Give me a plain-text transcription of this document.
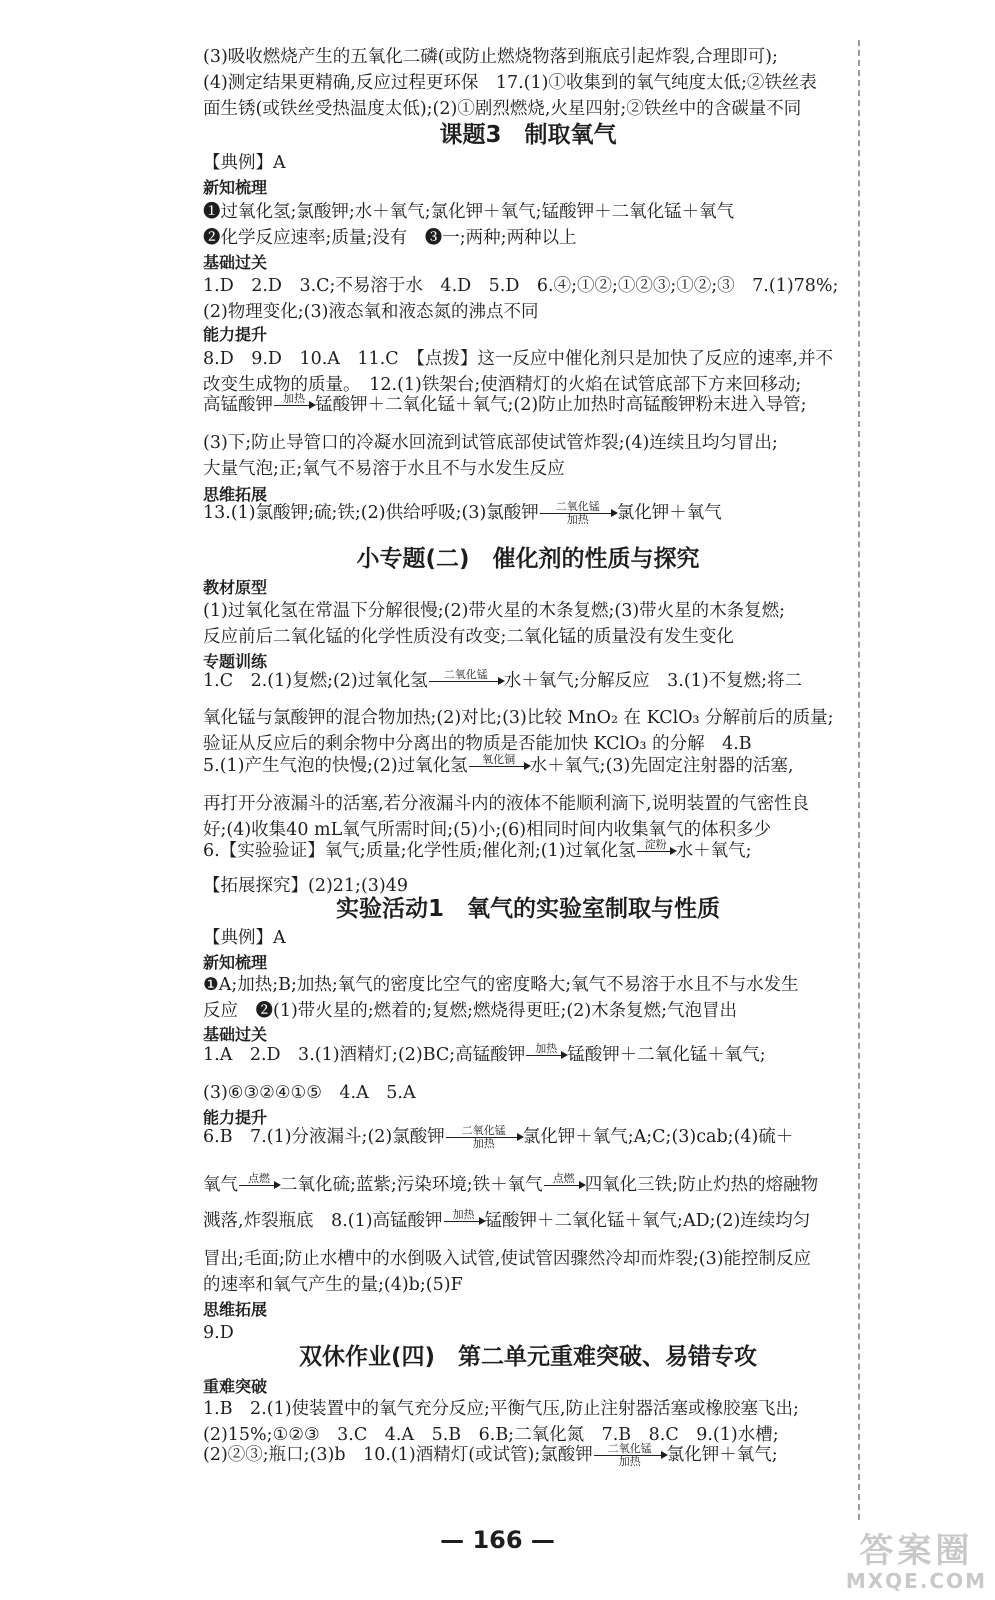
(3)吸收燃烧产生的五氧化二磷(或防止燃烧物落到瓶底引起炸裂,合理即可);
(4)测定结果更精确,反应过程更环保　17.(1)①收集到的氧气纯度太低;②铁丝表
面生锈(或铁丝受热温度太低);(2)①剧烈燃烧,火星四射;②铁丝中的含碳量不同
课题3　制取氧气
【典例】A
新知梳理
❶过氧化氢;氯酸钾;水＋氧气;氯化钾＋氧气;锰酸钾＋二氧化锰＋氧气
❷化学反应速率;质量;没有　❸一;两种;两种以上
基础过关
1.D　2.D　3.C;不易溶于水　4.D　5.D　6.④;①②;①②③;①②;③　7.(1)78%;
(2)物理变化;(3)液态氧和液态氮的沸点不同
能力提升
8.D　9.D　10.A　11.C　【点拨】这一反应中催化剂只是加快了反应的速率,并不
改变生成物的质量。　12.(1)铁架台;使酒精灯的火焰在试管底部下方来回移动;
高锰酸钾 加热 锰酸钾＋二氧化锰＋氧气;(2)防止加热时高锰酸钾粉末进入导管;
(3)下;防止导管口的冷凝水回流到试管底部使试管炸裂;(4)连续且均匀冒出;
大量气泡;正;氧气不易溶于水且不与水发生反应
思维拓展
13.(1)氯酸钾;硫;铁;(2)供给呼吸;(3)氯酸钾 二氧化锰
加热 氯化钾＋氧气
小专题(二)　催化剂的性质与探究
教材原型
(1)过氧化氢在常温下分解很慢;(2)带火星的木条复燃;(3)带火星的木条复燃;
反应前后二氧化锰的化学性质没有改变;二氧化锰的质量没有发生变化
专题训练
1.C　2.(1)复燃;(2)过氧化氢 二氧化锰 水＋氧气;分解反应　3.(1)不复燃;将二
氧化锰与氯酸钾的混合物加热;(2)对比;(3)比较 MnO₂ 在 KClO₃ 分解前后的质量;
验证从反应后的剩余物中分离出的物质是否能加快 KClO₃ 的分解　4.B
5.(1)产生气泡的快慢;(2)过氧化氢 氧化铜 水＋氧气;(3)先固定注射器的活塞,
再打开分液漏斗的活塞,若分液漏斗内的液体不能顺利滴下,说明装置的气密性良
好;(4)收集40 mL氧气所需时间;(5)小;(6)相同时间内收集氧气的体积多少
6.【实验验证】氧气;质量;化学性质;催化剂;(1)过氧化氢 淀粉 水＋氧气;
【拓展探究】(2)21;(3)49
实验活动1　氧气的实验室制取与性质
【典例】A
新知梳理
❶A;加热;B;加热;氧气的密度比空气的密度略大;氧气不易溶于水且不与水发生
反应　❷(1)带火星的;燃着的;复燃;燃烧得更旺;(2)木条复燃;气泡冒出
基础过关
1.A　2.D　3.(1)酒精灯;(2)BC;高锰酸钾 加热 锰酸钾＋二氧化锰＋氧气;
(3)⑥③②④①⑤　4.A　5.A
能力提升
6.B　7.(1)分液漏斗;(2)氯酸钾 二氧化锰
加热 氯化钾＋氧气;A;C;(3)cab;(4)硫＋
氧气 点燃 二氧化硫;蓝紫;污染环境;铁＋氧气 点燃 四氧化三铁;防止灼热的熔融物
溅落,炸裂瓶底　8.(1)高锰酸钾 加热 锰酸钾＋二氧化锰＋氧气;AD;(2)连续均匀
冒出;毛面;防止水槽中的水倒吸入试管,使试管因骤然冷却而炸裂;(3)能控制反应
的速率和氧气产生的量;(4)b;(5)F
思维拓展
9.D
双休作业(四)　第二单元重难突破、易错专攻
重难突破
1.B　2.(1)使装置中的氧气充分反应;平衡气压,防止注射器活塞或橡胶塞飞出;
(2)15%;①②③　3.C　4.A　5.B　6.B;二氧化氮　7.B　8.C　9.(1)水槽;
(2)②③;瓶口;(3)b　10.(1)酒精灯(或试管);氯酸钾 二氧化锰
加热 氯化钾＋氧气;
— 166 —	答案圈
MXQE.COM
